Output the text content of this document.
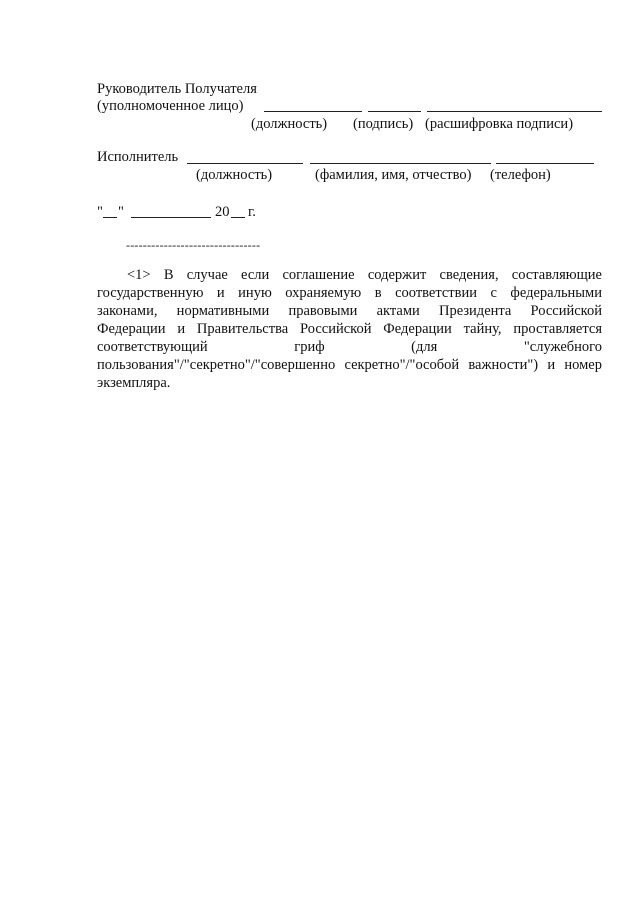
Руководитель Получателя
(уполномоченное лицо)
(должность) (подпись) (расшифровка подписи)
Исполнитель
(должность)	(фамилия, имя, отчество) (телефон)
" "	20 г.
--------------------------------
<1> В случае если соглашение содержит сведения, составляющие
государственную и иную охраняемую в соответствии с федеральными
законами, нормативными правовыми актами Президента Российской
Федерации и Правительства Российской Федерации тайну, проставляется
соответствующий гриф (для "служебного
пользования"/"секретно"/"совершенно секретно"/"особой важности") и номер
экземпляра.
